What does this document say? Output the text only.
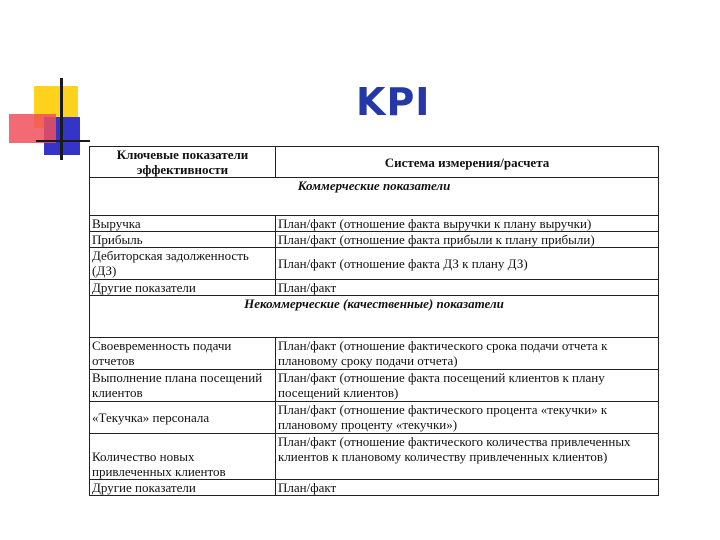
KPI
Ключевые показатели эффективности	Система измерения/расчета
Коммерческие показатели	
Выручка	План/факт (отношение факта выручки к плану выручки)
Прибыль	План/факт (отношение факта прибыли к плану прибыли)
Дебиторская задолженность (ДЗ)	План/факт (отношение факта ДЗ к плану ДЗ)
Другие показатели	План/факт
Некоммерческие (качественные) показатели	
Своевременность подачи отчетов	План/факт (отношение фактического срока подачи отчета к плановому сроку подачи отчета)
Выполнение плана посещений клиентов	План/факт (отношение факта посещений клиентов к плану посещений клиентов)
«Текучка» персонала	План/факт (отношение фактического процента «текучки» к плановому проценту «текучки»)
Количество новых привлеченных клиентов	План/факт (отношение фактического количества привлеченных клиентов к плановому количеству привлеченных клиентов)
Другие показатели	План/факт
